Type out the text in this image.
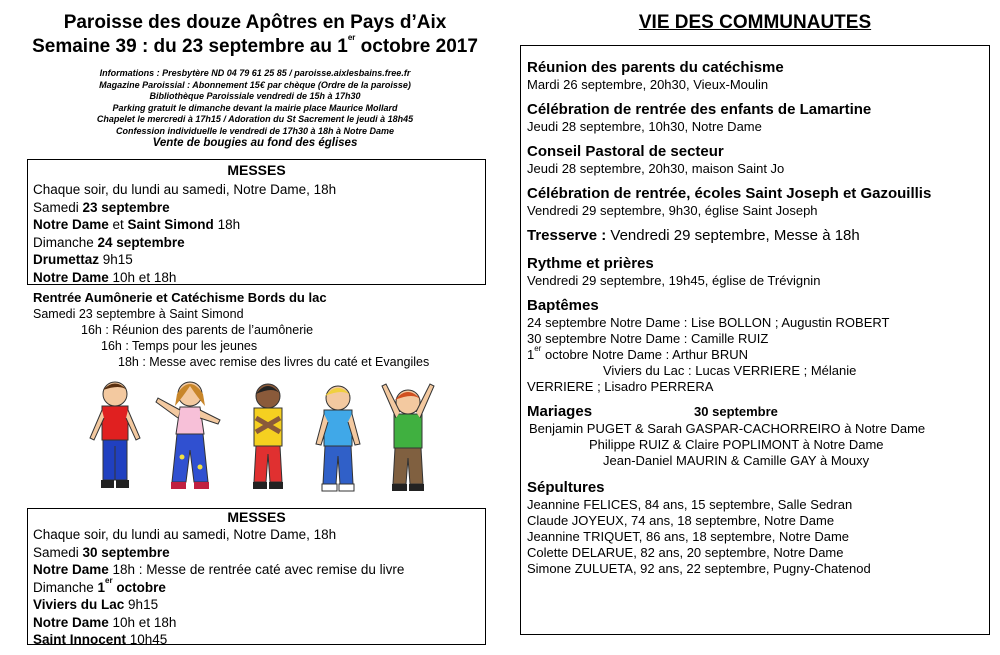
Paroisse des douze Apôtres en Pays d’Aix
Semaine 39 : du 23 septembre au 1er octobre 2017
Informations : Presbytère ND 04 79 61 25 85 / paroisse.aixlesbains.free.fr
Magazine Paroissial : Abonnement 15€ par chèque (Ordre de la paroisse)
Bibliothèque Paroissiale vendredi de 15h à 17h30
Parking gratuit le dimanche devant la mairie place Maurice Mollard
Chapelet le mercredi à 17h15 / Adoration du St Sacrement le jeudi à 18h45
Confession individuelle le vendredi de 17h30 à 18h à Notre Dame
Vente de bougies au fond des églises
MESSES
Chaque soir, du lundi au samedi, Notre Dame, 18h
Samedi 23 septembre
Notre Dame et Saint Simond 18h
Dimanche 24 septembre
Drumettaz 9h15
Notre Dame 10h et 18h
Rentrée Aumônerie et Catéchisme Bords du lac
Samedi 23 septembre à Saint Simond
16h : Réunion des parents de l’aumônerie
16h : Temps pour les jeunes
18h : Messe avec remise des livres du caté et Evangiles
MESSES
Chaque soir, du lundi au samedi, Notre Dame, 18h
Samedi 30 septembre
Notre Dame 18h : Messe de rentrée caté avec remise du livre
Dimanche 1er octobre
Viviers du Lac 9h15
Notre Dame 10h et 18h
Saint Innocent 10h45
VIE DES COMMUNAUTES
Réunion des parents du catéchisme
Mardi 26 septembre, 20h30, Vieux-Moulin
Célébration de rentrée des enfants de Lamartine
Jeudi 28 septembre, 10h30, Notre Dame
Conseil Pastoral de secteur
Jeudi 28 septembre, 20h30, maison Saint Jo
Célébration de rentrée, écoles Saint Joseph et Gazouillis
Vendredi 29 septembre, 9h30, église Saint Joseph
Tresserve : Vendredi 29 septembre, Messe à 18h
Rythme et prières
Vendredi 29 septembre, 19h45, église de Trévignin
Baptêmes
24 septembre Notre Dame : Lise BOLLON ; Augustin ROBERT
30 septembre Notre Dame : Camille RUIZ
1er octobre Notre Dame : Arthur BRUN
Viviers du Lac : Lucas VERRIERE ; Mélanie
VERRIERE ; Lisadro PERRERA
Mariages	30 septembre
Benjamin PUGET & Sarah GASPAR-CACHORREIRO à Notre Dame
Philippe RUIZ & Claire POPLIMONT à Notre Dame
Jean-Daniel MAURIN & Camille GAY à Mouxy
Sépultures
Jeannine FELICES, 84 ans, 15 septembre, Salle Sedran
Claude JOYEUX, 74 ans, 18 septembre, Notre Dame
Jeannine TRIQUET, 86 ans, 18 septembre, Notre Dame
Colette DELARUE, 82 ans, 20 septembre, Notre Dame
Simone ZULUETA, 92 ans, 22 septembre, Pugny-Chatenod
